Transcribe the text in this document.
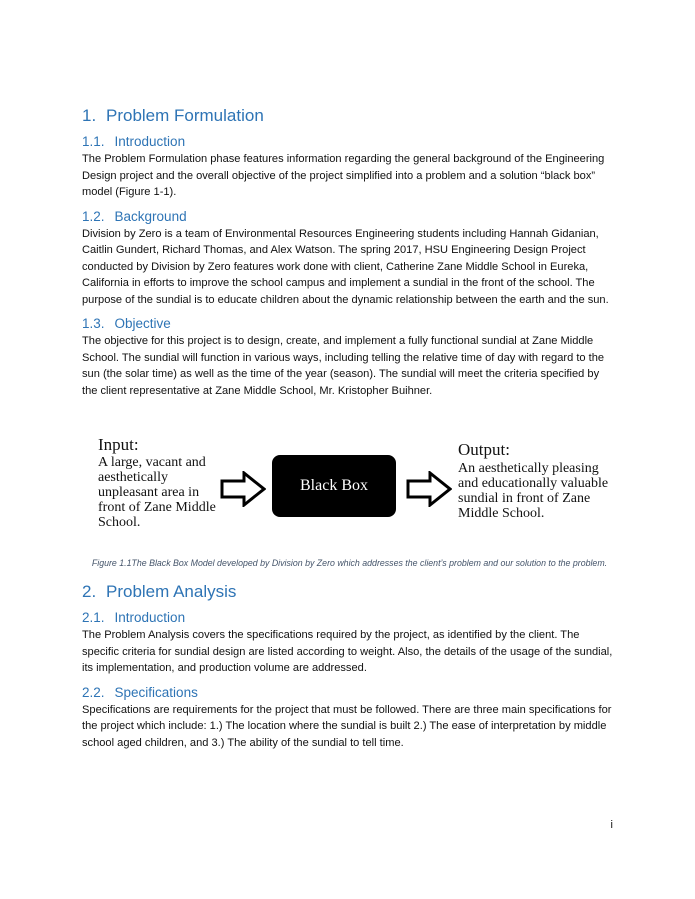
1. Problem Formulation
1.1. Introduction

The Problem Formulation phase features information regarding the general background of the Engineering Design project and the overall objective of the project simplified into a problem and a solution “black box” model (Figure 1-1).

1.2. Background

Division by Zero is a team of Environmental Resources Engineering students including Hannah Gidanian, Caitlin Gundert, Richard Thomas, and Alex Watson. The spring 2017, HSU Engineering Design Project conducted by Division by Zero features work done with client, Catherine Zane Middle School in Eureka, California in efforts to improve the school campus and implement a sundial in the front of the school. The purpose of the sundial is to educate children about the dynamic relationship between the earth and the sun.

1.3. Objective

The objective for this project is to design, create, and implement a fully functional sundial at Zane Middle School. The sundial will function in various ways, including telling the relative time of day with regard to the sun (the solar time) as well as the time of the year (season). The sundial will meet the criteria specified by the client representative at Zane Middle School, Mr. Kristopher Buihner.

Input:
A large, vacant and aesthetically unpleasant area in front of Zane Middle School.
Black Box
Output:
An aesthetically pleasing and educationally valuable sundial in front of Zane Middle School.
Figure 1.1The Black Box Model developed by Division by Zero which addresses the client’s problem and our solution to the problem.
2. Problem Analysis
2.1. Introduction

The Problem Analysis covers the specifications required by the project, as identified by the client. The specific criteria for sundial design are listed according to weight. Also, the details of the usage of the sundial, its implementation, and production volume are addressed.

2.2. Specifications

Specifications are requirements for the project that must be followed. There are three main specifications for the project which include: 1.) The location where the sundial is built 2.) The ease of interpretation by middle school aged children, and 3.) The ability of the sundial to tell time.

i
